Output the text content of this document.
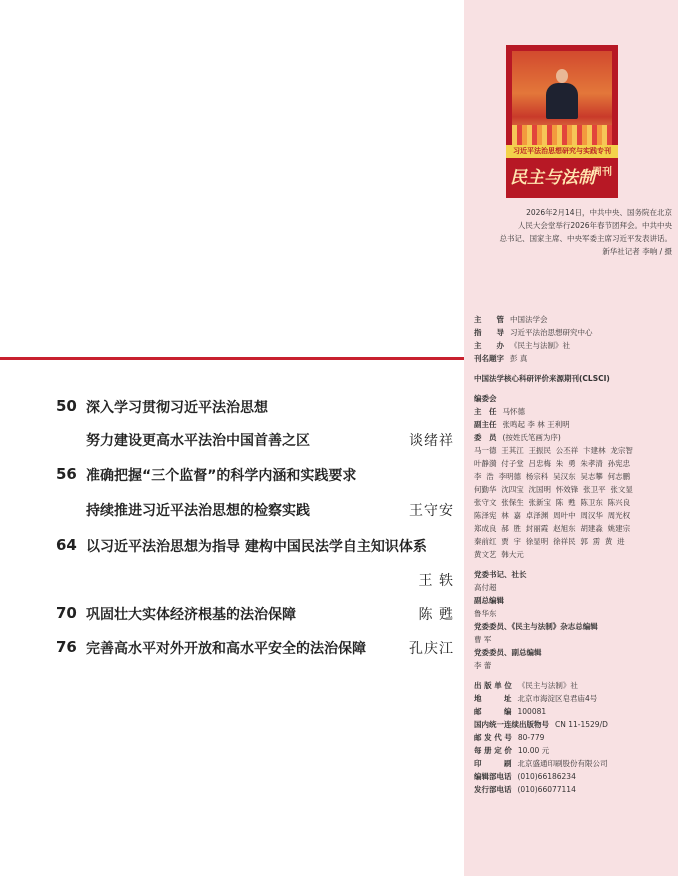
50 深入学习贯彻习近平法治思想
努力建设更高水平法治中国首善之区	谈绪祥
56 准确把握“三个监督”的科学内涵和实践要求
持续推进习近平法治思想的检察实践	王守安
64 以习近平法治思想为指导 建构中国民法学自主知识体系
王 轶
70 巩固壮大实体经济根基的法治保障	陈 甦
76 完善高水平对外开放和高水平安全的法治保障	孔庆江
习近平法治思想研究与实践专刊
民主与法制
周刊
2026年2月14日，中共中央、国务院在北京
人民大会堂举行2026年春节团拜会。中共中央
总书记、国家主席、中央军委主席习近平发表讲话。
新华社记者 李响 / 摄
主　　管 中国法学会
指　　导 习近平法治思想研究中心
主　　办 《民主与法制》社
刊名题字 彭 真
中国法学核心科研评价来源期刊(CLSCI)
编委会
主　任 马怀德
副主任 张鸣起 李 林 王利明
委　员 (按姓氏笔画为序)
马一德  王其江  王振民  公丕祥  卞建林  龙宗智
叶静漪  付子堂  吕忠梅  朱  勇  朱孝清  孙宪忠
李  浩  李明德  杨宗科  吴汉东  吴志攀  何志鹏
何勤华  沈四宝  沈国明  怀效锋  张卫平  张文显
张守文  张保生  张新宝  陈  甦  陈卫东  陈兴良
陈泽宪  林  嘉  卓泽渊  周叶中  周汉华  周光权
郑成良  郝  胜  封丽霞  赵旭东  胡建淼  姚建宗
秦前红  贾  宇  徐显明  徐祥民  郭  雳  黄  进
黄文艺  韩大元
党委书记、社长
高付超
副总编辑
鲁华东
党委委员、《民主与法制》杂志总编辑
曹 军
党委委员、副总编辑
李 蕾
出 版 单 位 《民主与法制》社
地　　　址 北京市海淀区皂君庙4号
邮　　　编 100081
国内统一连续出版物号 CN 11-1529/D
邮 发 代 号 80-779
每 册 定 价 10.00 元
印　　　刷 北京盛通印刷股份有限公司
编辑部电话 (010)66186234
发行部电话 (010)66077114
